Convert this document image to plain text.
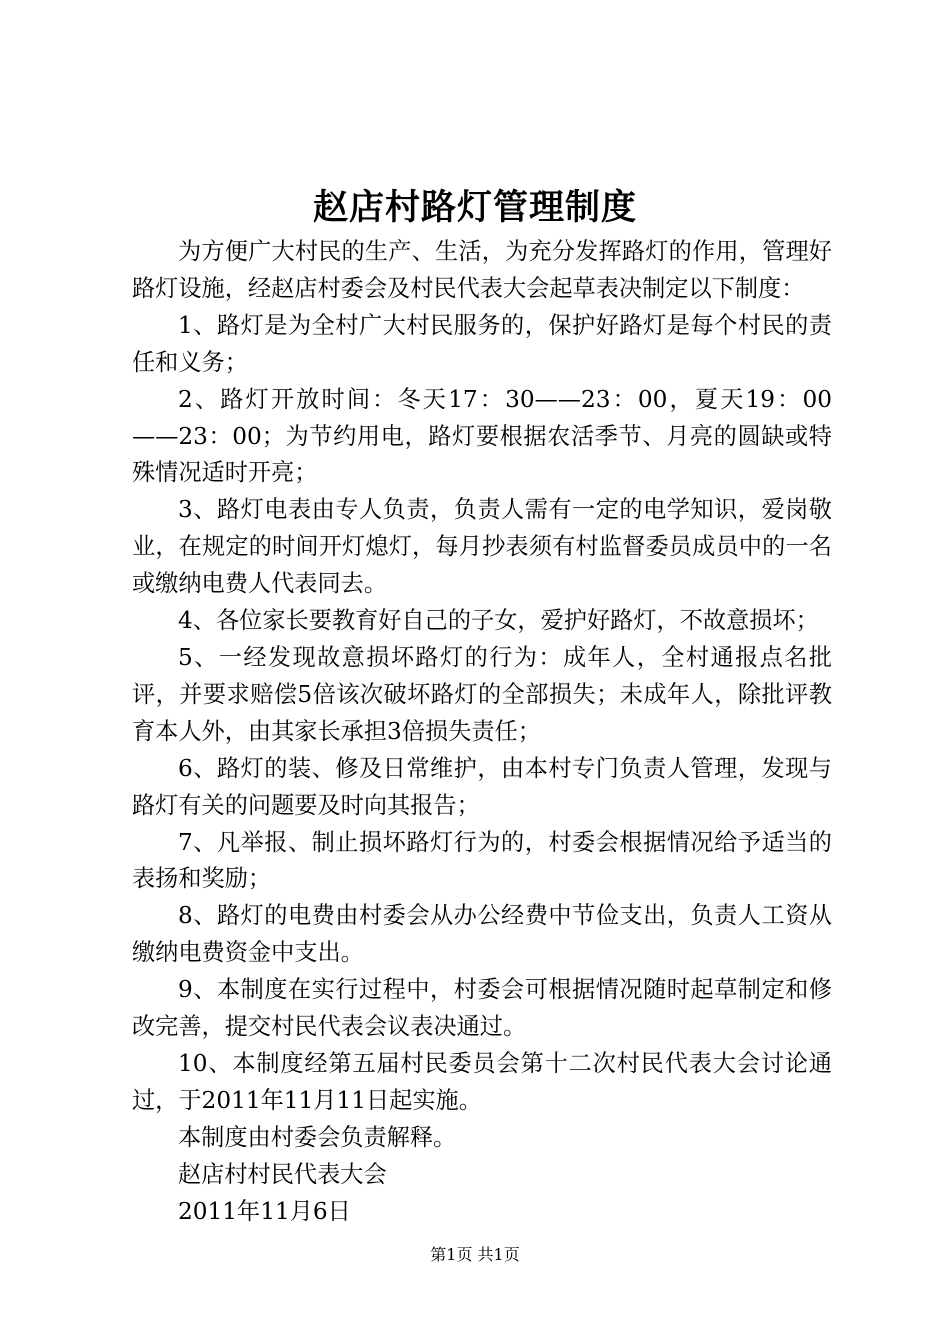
赵店村路灯管理制度

为方便广大村民的生产、生活，为充分发挥路灯的作用，管理好路灯设施，经赵店村委会及村民代表大会起草表决制定以下制度：

1、路灯是为全村广大村民服务的，保护好路灯是每个村民的责任和义务；

2、路灯开放时间：冬天17：30——23：00，夏天19：00——23：00；为节约用电，路灯要根据农活季节、月亮的圆缺或特殊情况适时开亮；

3、路灯电表由专人负责，负责人需有一定的电学知识，爱岗敬业，在规定的时间开灯熄灯，每月抄表须有村监督委员成员中的一名或缴纳电费人代表同去。

4、各位家长要教育好自己的子女，爱护好路灯，不故意损坏；

5、一经发现故意损坏路灯的行为：成年人，全村通报点名批评，并要求赔偿5倍该次破坏路灯的全部损失；未成年人，除批评教育本人外，由其家长承担3倍损失责任；

6、路灯的装、修及日常维护，由本村专门负责人管理，发现与路灯有关的问题要及时向其报告；

7、凡举报、制止损坏路灯行为的，村委会根据情况给予适当的表扬和奖励；

8、路灯的电费由村委会从办公经费中节俭支出，负责人工资从缴纳电费资金中支出。

9、本制度在实行过程中，村委会可根据情况随时起草制定和修改完善，提交村民代表会议表决通过。

10、本制度经第五届村民委员会第十二次村民代表大会讨论通过，于2011年11月11日起实施。

本制度由村委会负责解释。

赵店村村民代表大会

2011年11月6日

第1页 共1页
